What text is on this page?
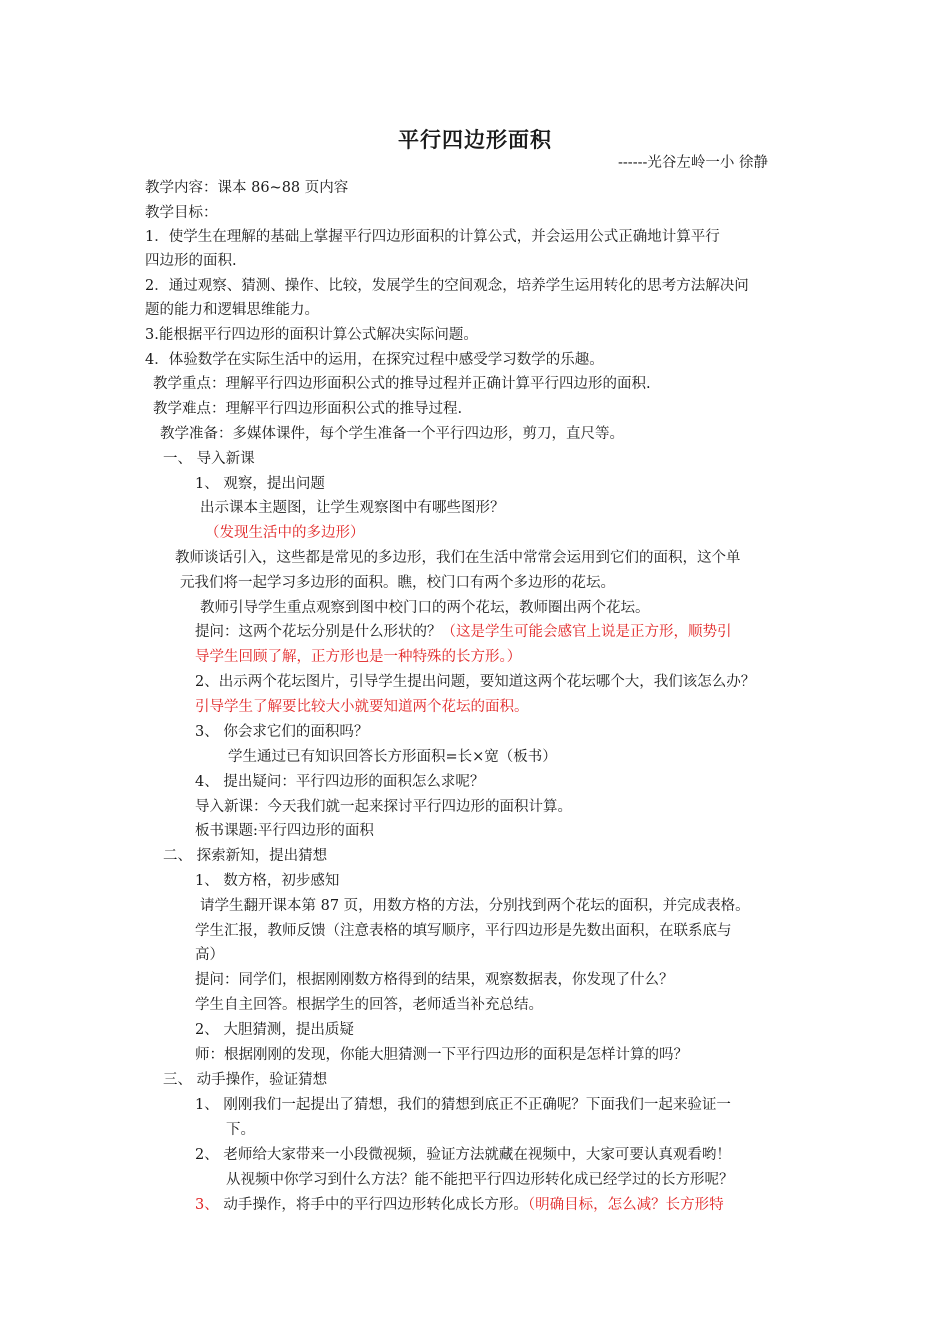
平行四边形面积
------光谷左岭一小 徐静
教学内容：课本 86~88 页内容
教学目标：
1．使学生在理解的基础上掌握平行四边形面积的计算公式，并会运用公式正确地计算平行
四边形的面积.
2．通过观察、猜测、操作、比较，发展学生的空间观念，培养学生运用转化的思考方法解决问
题的能力和逻辑思维能力。
3.能根据平行四边形的面积计算公式解决实际问题。
4．体验数学在实际生活中的运用，在探究过程中感受学习数学的乐趣。
教学重点：理解平行四边形面积公式的推导过程并正确计算平行四边形的面积.
教学难点：理解平行四边形面积公式的推导过程.
教学准备：多媒体课件，每个学生准备一个平行四边形，剪刀，直尺等。
一、 导入新课
1、 观察，提出问题
出示课本主题图，让学生观察图中有哪些图形？
（发现生活中的多边形）
教师谈话引入，这些都是常见的多边形，我们在生活中常常会运用到它们的面积，这个单
元我们将一起学习多边形的面积。瞧，校门口有两个多边形的花坛。
教师引导学生重点观察到图中校门口的两个花坛，教师圈出两个花坛。
提问：这两个花坛分别是什么形状的？（这是学生可能会感官上说是正方形，顺势引
导学生回顾了解，正方形也是一种特殊的长方形。）
2、出示两个花坛图片，引导学生提出问题，要知道这两个花坛哪个大，我们该怎么办？
引导学生了解要比较大小就要知道两个花坛的面积。
3、 你会求它们的面积吗？
学生通过已有知识回答长方形面积=长×宽（板书）
4、 提出疑问：平行四边形的面积怎么求呢？
导入新课：今天我们就一起来探讨平行四边形的面积计算。
板书课题:平行四边形的面积
二、 探索新知，提出猜想
1、 数方格，初步感知
请学生翻开课本第 87 页，用数方格的方法，分别找到两个花坛的面积，并完成表格。
学生汇报，教师反馈（注意表格的填写顺序，平行四边形是先数出面积，在联系底与
高）
提问：同学们，根据刚刚数方格得到的结果，观察数据表，你发现了什么？
学生自主回答。根据学生的回答，老师适当补充总结。
2、 大胆猜测，提出质疑
师：根据刚刚的发现，你能大胆猜测一下平行四边形的面积是怎样计算的吗？
三、 动手操作，验证猜想
1、 刚刚我们一起提出了猜想，我们的猜想到底正不正确呢？下面我们一起来验证一
下。
2、 老师给大家带来一小段微视频，验证方法就藏在视频中，大家可要认真观看哟！
从视频中你学习到什么方法？能不能把平行四边形转化成已经学过的长方形呢？
3、 动手操作，将手中的平行四边形转化成长方形。（明确目标，怎么减？长方形特
